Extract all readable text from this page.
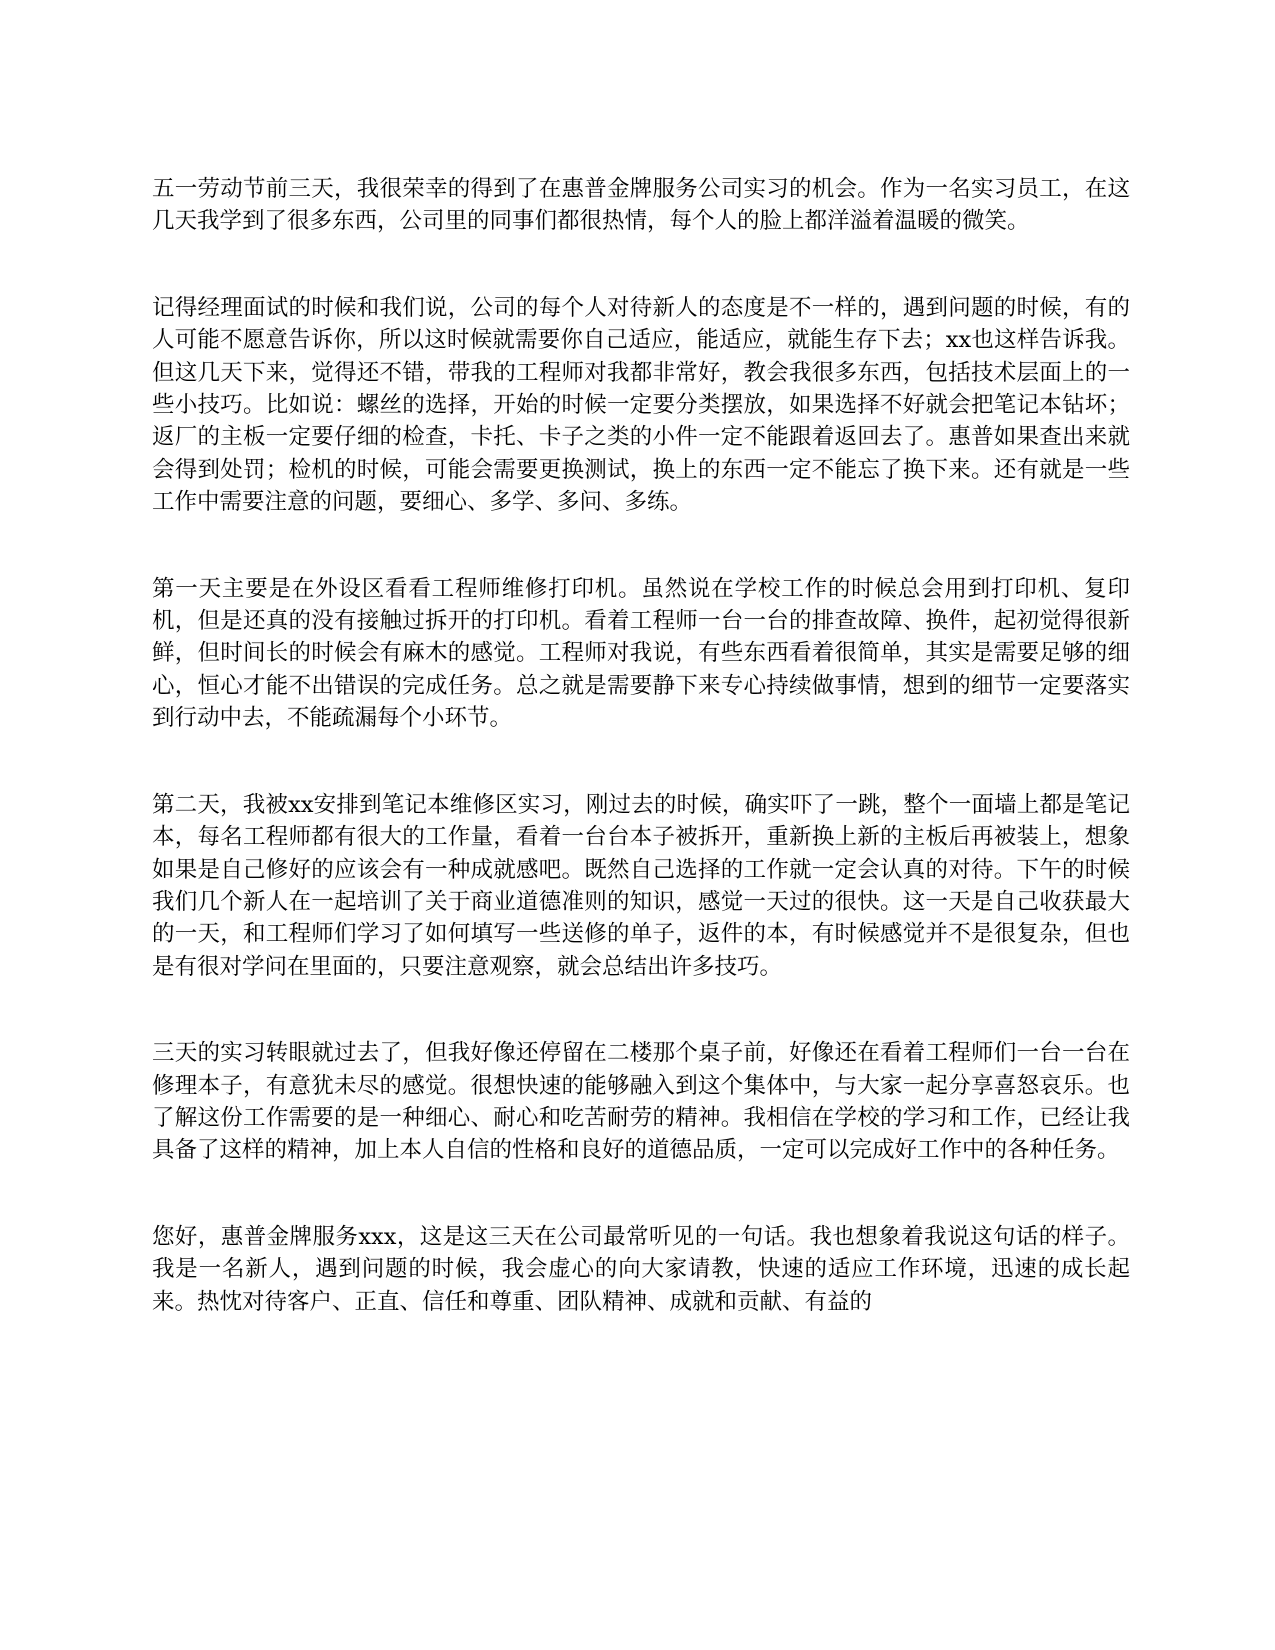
五一劳动节前三天，我很荣幸的得到了在惠普金牌服务公司实习的机会。作为一名实习员工，在这几天我学到了很多东西，公司里的同事们都很热情，每个人的脸上都洋溢着温暖的微笑。

记得经理面试的时候和我们说，公司的每个人对待新人的态度是不一样的，遇到问题的时候，有的人可能不愿意告诉你，所以这时候就需要你自己适应，能适应，就能生存下去；xx也这样告诉我。但这几天下来，觉得还不错，带我的工程师对我都非常好，教会我很多东西，包括技术层面上的一些小技巧。比如说：螺丝的选择，开始的时候一定要分类摆放，如果选择不好就会把笔记本钻坏；返厂的主板一定要仔细的检查，卡托、卡子之类的小件一定不能跟着返回去了。惠普如果查出来就会得到处罚；检机的时候，可能会需要更换测试，换上的东西一定不能忘了换下来。还有就是一些工作中需要注意的问题，要细心、多学、多问、多练。

第一天主要是在外设区看看工程师维修打印机。虽然说在学校工作的时候总会用到打印机、复印机，但是还真的没有接触过拆开的打印机。看着工程师一台一台的排查故障、换件，起初觉得很新鲜，但时间长的时候会有麻木的感觉。工程师对我说，有些东西看着很简单，其实是需要足够的细心，恒心才能不出错误的完成任务。总之就是需要静下来专心持续做事情，想到的细节一定要落实到行动中去，不能疏漏每个小环节。

第二天，我被xx安排到笔记本维修区实习，刚过去的时候，确实吓了一跳，整个一面墙上都是笔记本，每名工程师都有很大的工作量，看着一台台本子被拆开，重新换上新的主板后再被装上，想象如果是自己修好的应该会有一种成就感吧。既然自己选择的工作就一定会认真的对待。下午的时候我们几个新人在一起培训了关于商业道德准则的知识，感觉一天过的很快。这一天是自己收获最大的一天，和工程师们学习了如何填写一些送修的单子，返件的本，有时候感觉并不是很复杂，但也是有很对学问在里面的，只要注意观察，就会总结出许多技巧。

三天的实习转眼就过去了，但我好像还停留在二楼那个桌子前，好像还在看着工程师们一台一台在修理本子，有意犹未尽的感觉。很想快速的能够融入到这个集体中，与大家一起分享喜怒哀乐。也了解这份工作需要的是一种细心、耐心和吃苦耐劳的精神。我相信在学校的学习和工作，已经让我具备了这样的精神，加上本人自信的性格和良好的道德品质，一定可以完成好工作中的各种任务。

您好，惠普金牌服务xxx，这是这三天在公司最常听见的一句话。我也想象着我说这句话的样子。我是一名新人，遇到问题的时候，我会虚心的向大家请教，快速的适应工作环境，迅速的成长起来。热忱对待客户、正直、信任和尊重、团队精神、成就和贡献、有益的
